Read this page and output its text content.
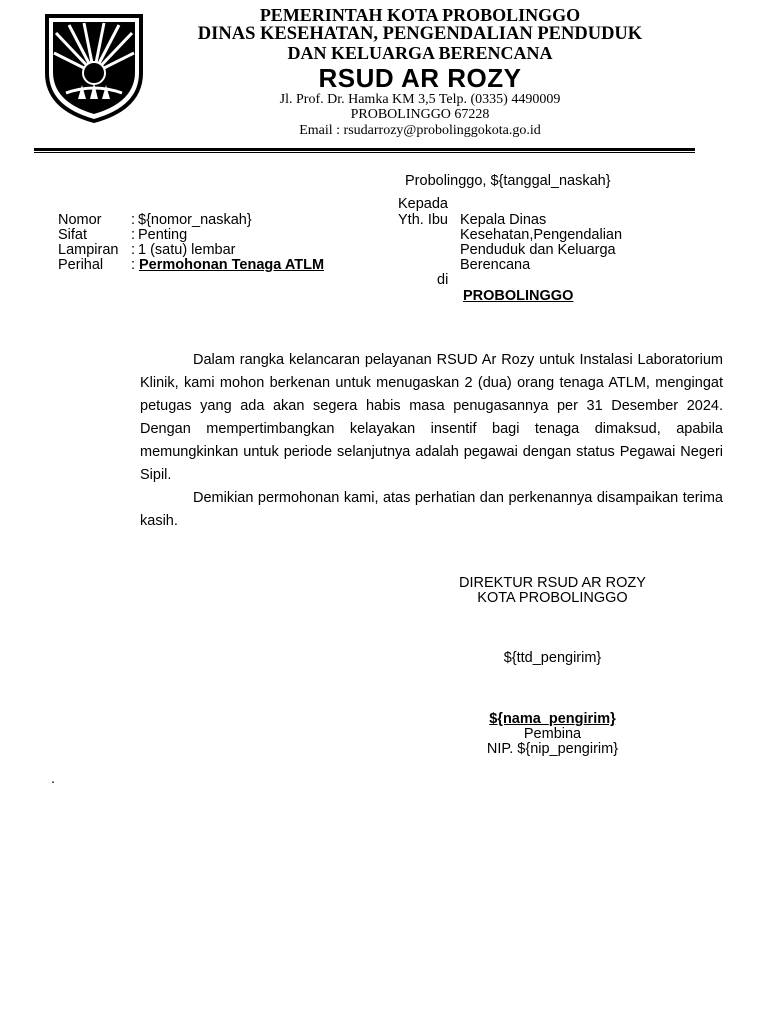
PEMERINTAH KOTA PROBOLINGGO
DINAS KESEHATAN, PENGENDALIAN PENDUDUK
DAN KELUARGA BERENCANA
RSUD AR ROZY
Jl. Prof. Dr. Hamka KM 3,5 Telp. (0335) 4490009
PROBOLINGGO 67228
Email : rsudarrozy@probolinggokota.go.id
Probolinggo, ${tanggal_naskah}
Nomor : ${nomor_naskah}
Sifat	: Penting
Lampiran : 1 (satu) lembar
Perihal : Permohonan Tenaga ATLM
Kepada
Yth. Ibu Kepala Dinas
Kesehatan,Pengendalian
Penduduk dan Keluarga
Berencana
di
PROBOLINGGO

Dalam rangka kelancaran pelayanan RSUD Ar Rozy untuk Instalasi Laboratorium Klinik, kami mohon berkenan untuk menugaskan 2 (dua) orang tenaga ATLM, mengingat petugas yang ada akan segera habis masa penugasannya per 31 Desember 2024. Dengan mempertimbangkan kelayakan insentif bagi tenaga dimaksud, apabila memungkinkan untuk periode selanjutnya adalah pegawai dengan status Pegawai Negeri Sipil.

Demikian permohonan kami, atas perhatian dan perkenannya disampaikan terima kasih.

DIREKTUR RSUD AR ROZY
KOTA PROBOLINGGO
${ttd_pengirim}
${nama_pengirim}
Pembina
NIP. ${nip_pengirim}
.
